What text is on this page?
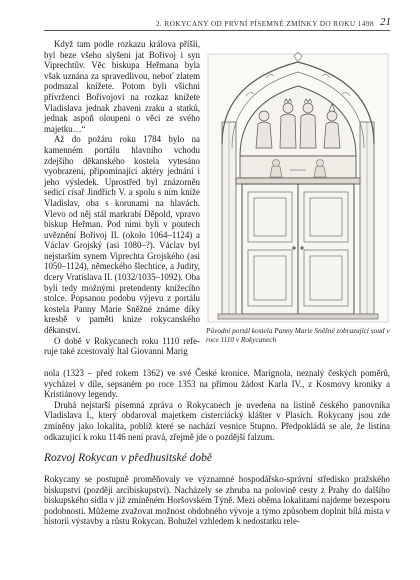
2. ROKYCANY OD PRVNÍ PÍSEMNÉ ZMÍNKY DO ROKU 1498 21

Když tam podle rozkazu králova přišli, byl beze všeho slyšení jat Bořivoj i syn Viprechtův. Věc biskupa Heřmana byla však uznána za spravedlivou, neboť zlatem podmazal knížete. Potom byli všichni přívrženci Bořivojovi na rozkaz knížete Vladislava jednak zbaveni zraku a statků, jednak aspoň oloupeni o věci ze svého majetku…“

Až do požáru roku 1784 bylo na kamenném portálu hlavního vchodu zdejšího děkanského kostela vytesáno vyobrazení, připomínající aktéry jednání i jeho výsledek. Uprostřed byl znázorněn sedící císař Jindřich V. a spolu s ním kníže Vladislav, oba s korunami na hlavách. Vlevo od něj stál markrabí Děpold, vpravo biskup Heřman. Pod nimi byli v poutech uvěznění Bořivoj II. (okolo 1064–1124) a Václav Grojský (asi 1080–?). Václav byl nejstarším synem Viprechta Grojského (asi 1050–1124), německého šlechtice, a Judity, dcery Vratislava II. (1032/1035–1092). Oba byli tedy možnými pretendenty knížecího stolce. Popsanou podobu výjevu z portálu kostela Panny Marie Sněžné známe díky kresbě v paměti knize rokycanského děkanství.

O době v Rokycanech roku 1110 referuje také zcestovalý Ital Giovanni Marig

Původní portál kostela Panny Marie Sněžné zobrazující soud v roce 1110 v Rokycanech

nola (1323 – před rokem 1362) ve své České kronice. Marignola, neznalý českých poměrů, vycházel v díle, sepsaném po roce 1353 na přímou žádost Karla IV., z Kosmovy kroniky a Kristiánovy legendy.

Druhá nejstarší písemná zpráva o Rokycanech je uvedena na listině českého panovníka Vladislava I., který obdaroval majetkem cisterciácký klášter v Plasích. Rokycany jsou zde zmíněny jako lokalita, poblíž které se nachází vesnice Stupno. Předpokládá se ale, že listina odkazující k roku 1146 není pravá, zřejmě jde o pozdější falzum.

Rozvoj Rokycan v předhusitské době

Rokycany se postupně proměňovaly ve významné hospodářsko-správní středisko pražského biskupství (později arcibiskupství). Nacházely se zhruba na polovině cesty z Prahy do dalšího biskupského sídla v již zmíněném Horšovském Týně. Mezi oběma lokalitami najdeme bezesporu podobnosti. Můžeme zvažovat možnost obdobného vývoje a týmo způsobem doplnit bílá místa v historii výstavby a růstu Rokycan. Bohužel vzhledem k nedostatku rele-
